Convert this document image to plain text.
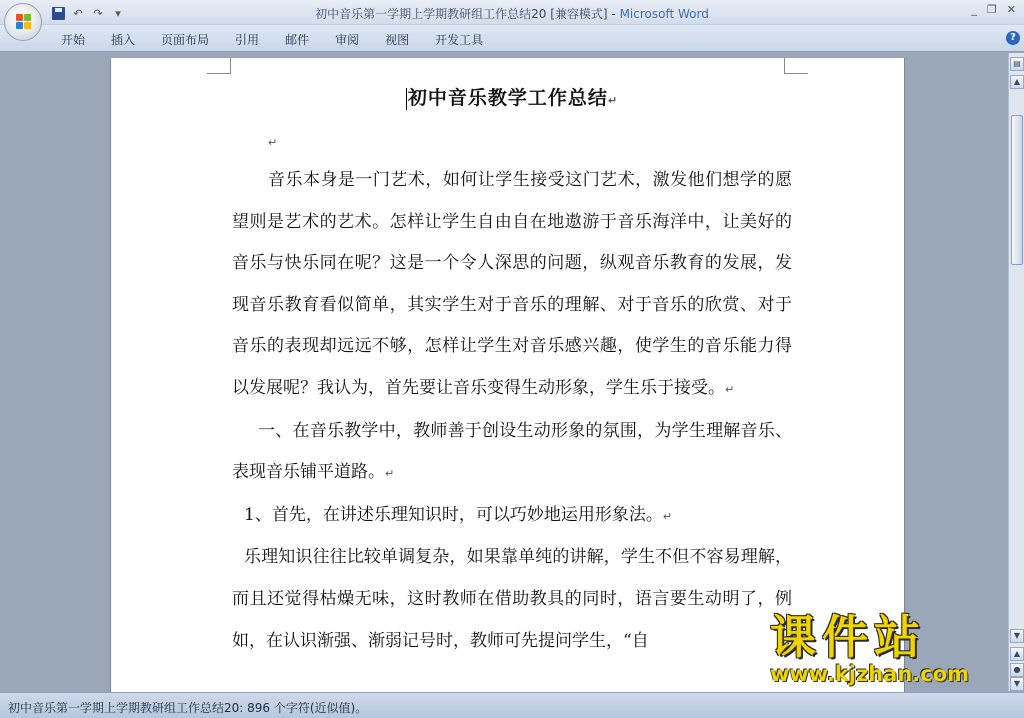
↶ ↷	▾	初中音乐第一学期上学期教研组工作总结20 [兼容模式] - Microsoft Word	_ ❐ ✕
开始	插入	页面布局	引用	邮件	审阅	视图	开发工具	?
初中音乐教学工作总结↵
↵

音乐本身是一门艺术，如何让学生接受这门艺术，激发他们想学的愿望则是艺术的艺术。怎样让学生自由自在地遨游于音乐海洋中，让美好的音乐与快乐同在呢？这是一个令人深思的问题，纵观音乐教育的发展，发现音乐教育看似简单，其实学生对于音乐的理解、对于音乐的欣赏、对于音乐的表现却远远不够，怎样让学生对音乐感兴趣，使学生的音乐能力得以发展呢？我认为，首先要让音乐变得生动形象，学生乐于接受。↵

一、在音乐教学中，教师善于创设生动形象的氛围，为学生理解音乐、表现音乐铺平道路。↵

1、首先，在讲述乐理知识时，可以巧妙地运用形象法。↵

乐理知识往往比较单调复杂，如果靠单纯的讲解，学生不但不容易理解，而且还觉得枯燥无味，这时教师在借助教具的同时，语言要生动明了，例如，在认识渐强、渐弱记号时，教师可先提问学生，“自

▤
▲
▼
▲
●
▼
课件站
www.kjzhan.com
初中音乐第一学期上学期教研组工作总结20: 896 个字符(近似值)。
